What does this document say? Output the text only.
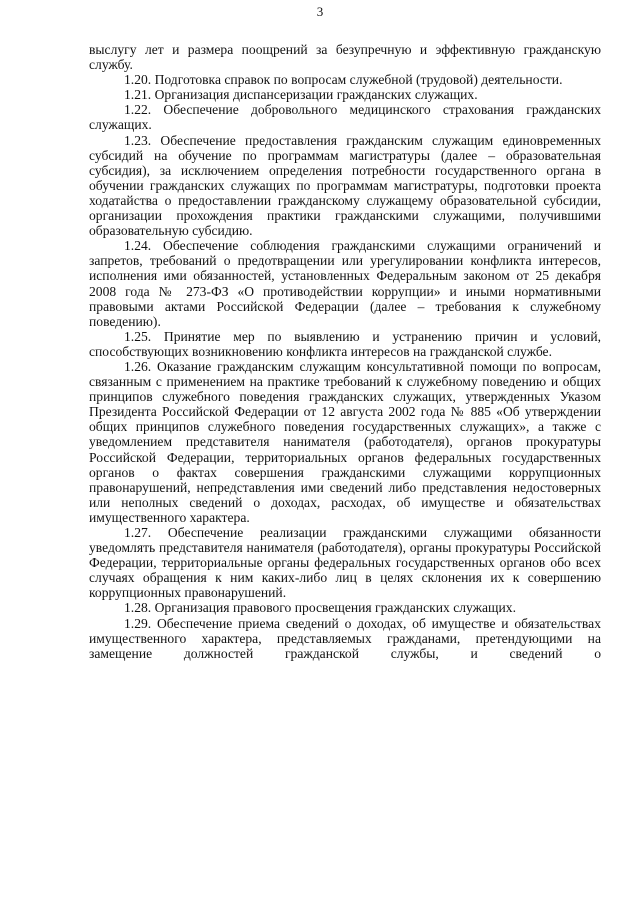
3

выслугу лет и размера поощрений за безупречную и эффективную гражданскую службу.

1.20. Подготовка справок по вопросам служебной (трудовой) деятельности.

1.21. Организация диспансеризации гражданских служащих.

1.22. Обеспечение добровольного медицинского страхования гражданских служащих.

1.23. Обеспечение предоставления гражданским служащим единовременных субсидий на обучение по программам магистратуры (далее – образовательная субсидия), за исключением определения потребности государственного органа в обучении гражданских служащих по программам магистратуры, подготовки проекта ходатайства о предоставлении гражданскому служащему образовательной субсидии, организации прохождения практики гражданскими служащими, получившими образовательную субсидию.

1.24. Обеспечение соблюдения гражданскими служащими ограничений и запретов, требований о предотвращении или урегулировании конфликта интересов, исполнения ими обязанностей, установленных Федеральным законом от 25 декабря 2008 года № 273-ФЗ «О противодействии коррупции» и иными нормативными правовыми актами Российской Федерации (далее – требования к служебному поведению).

1.25. Принятие мер по выявлению и устранению причин и условий, способствующих возникновению конфликта интересов на гражданской службе.

1.26. Оказание гражданским служащим консультативной помощи по вопросам, связанным с применением на практике требований к служебному поведению и общих принципов служебного поведения гражданских служащих, утвержденных Указом Президента Российской Федерации от 12 августа 2002 года № 885 «Об утверждении общих принципов служебного поведения государственных служащих», а также с уведомлением представителя нанимателя (работодателя), органов прокуратуры Российской Федерации, территориальных органов федеральных государственных органов о фактах совершения гражданскими служащими коррупционных правонарушений, непредставления ими сведений либо представления недостоверных или неполных сведений о доходах, расходах, об имуществе и обязательствах имущественного характера.

1.27. Обеспечение реализации гражданскими служащими обязанности уведомлять представителя нанимателя (работодателя), органы прокуратуры Российской Федерации, территориальные органы федеральных государственных органов обо всех случаях обращения к ним каких-либо лиц в целях склонения их к совершению коррупционных правонарушений.

1.28. Организация правового просвещения гражданских служащих.

1.29. Обеспечение приема сведений о доходах, об имуществе и обязательствах имущественного характера, представляемых гражданами, претендующими на замещение должностей гражданской службы, и сведений о
